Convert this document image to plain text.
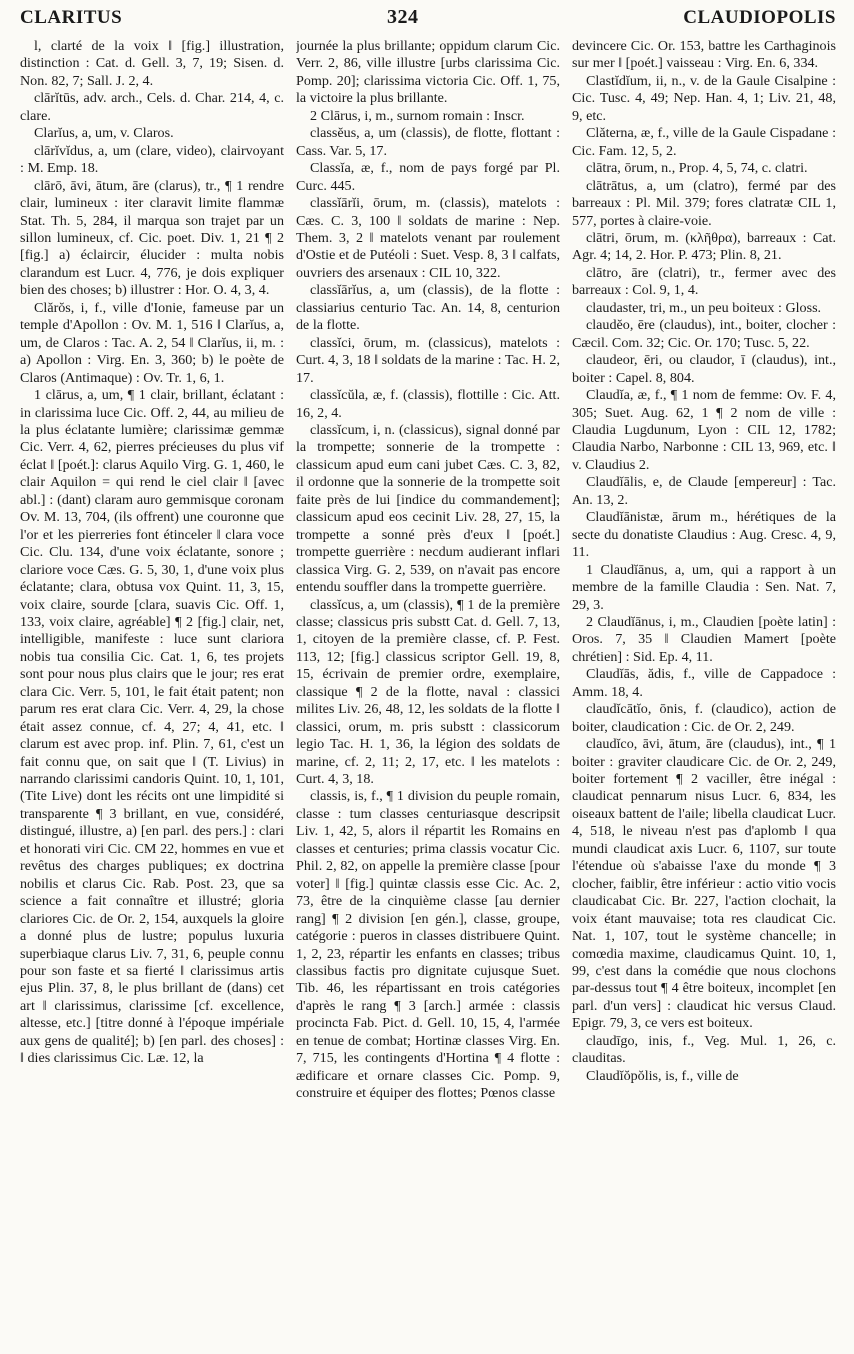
CLARITUS	324	CLAUDIOPOLIS

l, clarté de la voix ‖ [fig.] illustration, distinction : Cat. d. Gell. 3, 7, 19; Sisen. d. Non. 82, 7; Sall. J. 2, 4.

clārĭtūs, adv. arch., Cels. d. Char. 214, 4, c. clare.

Clarĭus, a, um, v. Claros.

clārĭvĭdus, a, um (clare, video), clairvoyant : M. Emp. 18.

clārō, āvi, ātum, āre (clarus), tr., ¶ 1 rendre clair, lumineux : iter claravit limite flammæ Stat. Th. 5, 284, il marqua son trajet par un sillon lumineux, cf. Cic. poet. Div. 1, 21 ¶ 2 [fig.] a) éclaircir, élucider : multa nobis clarandum est Lucr. 4, 776, je dois expliquer bien des choses; b) illustrer : Hor. O. 4, 3, 4.

Clărŏs, i, f., ville d'Ionie, fameuse par un temple d'Apollon : Ov. M. 1, 516 ‖ Clarĭus, a, um, de Claros : Tac. A. 2, 54 ‖ Clarĭus, ii, m. : a) Apollon : Virg. En. 3, 360; b) le poète de Claros (Antimaque) : Ov. Tr. 1, 6, 1.

1 clārus, a, um, ¶ 1 clair, brillant, éclatant : in clarissima luce Cic. Off. 2, 44, au milieu de la plus éclatante lumière; clarissimæ gemmæ Cic. Verr. 4, 62, pierres précieuses du plus vif éclat ‖ [poét.]: clarus Aquilo Virg. G. 1, 460, le clair Aquilon = qui rend le ciel clair ‖ [avec abl.] : (dant) claram auro gemmisque coronam Ov. M. 13, 704, (ils offrent) une couronne que l'or et les pierreries font étinceler ‖ clara voce Cic. Clu. 134, d'une voix éclatante, sonore ; clariore voce Cæs. G. 5, 30, 1, d'une voix plus éclatante; clara, obtusa vox Quint. 11, 3, 15, voix claire, sourde [clara, suavis Cic. Off. 1, 133, voix claire, agréable] ¶ 2 [fig.] clair, net, intelligible, manifeste : luce sunt clariora nobis tua consilia Cic. Cat. 1, 6, tes projets sont pour nous plus clairs que le jour; res erat clara Cic. Verr. 5, 101, le fait était patent; non parum res erat clara Cic. Verr. 4, 29, la chose était assez connue, cf. 4, 27; 4, 41, etc. ‖ clarum est avec prop. inf. Plin. 7, 61, c'est un fait connu que, on sait que ‖ (T. Livius) in narrando clarissimi candoris Quint. 10, 1, 101, (Tite Live) dont les récits ont une limpidité si transparente ¶ 3 brillant, en vue, considéré, distingué, illustre, a) [en parl. des pers.] : clari et honorati viri Cic. CM 22, hommes en vue et revêtus des charges publiques; ex doctrina nobilis et clarus Cic. Rab. Post. 23, que sa science a fait connaître et illustré; gloria clariores Cic. de Or. 2, 154, auxquels la gloire a donné plus de lustre; populus luxuria superbiaque clarus Liv. 7, 31, 6, peuple connu pour son faste et sa fierté ‖ clarissimus artis ejus Plin. 37, 8, le plus brillant de (dans) cet art ‖ clarissimus, clarissime [cf. excellence, altesse, etc.] [titre donné à l'époque impériale aux gens de qualité]; b) [en parl. des choses] : ‖ dies clarissimus Cic. Læ. 12, la

journée la plus brillante; oppidum clarum Cic. Verr. 2, 86, ville illustre [urbs clarissima Cic. Pomp. 20]; clarissima victoria Cic. Off. 1, 75, la victoire la plus brillante.

2 Clārus, i, m., surnom romain : Inscr.

classĕus, a, um (classis), de flotte, flottant : Cass. Var. 5, 17.

Classĭa, æ, f., nom de pays forgé par Pl. Curc. 445.

classĭārĭi, ōrum, m. (classis), matelots : Cæs. C. 3, 100 ‖ soldats de marine : Nep. Them. 3, 2 ‖ matelots venant par roulement d'Ostie et de Putéoli : Suet. Vesp. 8, 3 ‖ calfats, ouvriers des arsenaux : CIL 10, 322.

classĭārĭus, a, um (classis), de la flotte : classiarius centurio Tac. An. 14, 8, centurion de la flotte.

classĭci, ōrum, m. (classicus), matelots : Curt. 4, 3, 18 ‖ soldats de la marine : Tac. H. 2, 17.

classĭcŭla, æ, f. (classis), flottille : Cic. Att. 16, 2, 4.

classĭcum, i, n. (classicus), signal donné par la trompette; sonnerie de la trompette : classicum apud eum cani jubet Cæs. C. 3, 82, il ordonne que la sonnerie de la trompette soit faite près de lui [indice du commandement]; classicum apud eos cecinit Liv. 28, 27, 15, la trompette a sonné près d'eux ‖ [poét.] trompette guerrière : necdum audierant inflari classica Virg. G. 2, 539, on n'avait pas encore entendu souffler dans la trompette guerrière.

classĭcus, a, um (classis), ¶ 1 de la première classe; classicus pris substt Cat. d. Gell. 7, 13, 1, citoyen de la première classe, cf. P. Fest. 113, 12; [fig.] classicus scriptor Gell. 19, 8, 15, écrivain de premier ordre, exemplaire, classique ¶ 2 de la flotte, naval : classici milites Liv. 26, 48, 12, les soldats de la flotte ‖ classici, orum, m. pris substt : classicorum legio Tac. H. 1, 36, la légion des soldats de marine, cf. 2, 11; 2, 17, etc. ‖ les matelots : Curt. 4, 3, 18.

classis, is, f., ¶ 1 division du peuple romain, classe : tum classes centuriasque descripsit Liv. 1, 42, 5, alors il répartit les Romains en classes et centuries; prima classis vocatur Cic. Phil. 2, 82, on appelle la première classe [pour voter] ‖ [fig.] quintæ classis esse Cic. Ac. 2, 73, être de la cinquième classe [au dernier rang] ¶ 2 division [en gén.], classe, groupe, catégorie : pueros in classes distribuere Quint. 1, 2, 23, répartir les enfants en classes; tribus classibus factis pro dignitate cujusque Suet. Tib. 46, les répartissant en trois catégories d'après le rang ¶ 3 [arch.] armée : classis procincta Fab. Pict. d. Gell. 10, 15, 4, l'armée en tenue de combat; Hortinæ classes Virg. En. 7, 715, les contingents d'Hortina ¶ 4 flotte : ædificare et ornare classes Cic. Pomp. 9, construire et équiper des flottes; Pœnos classe

devincere Cic. Or. 153, battre les Carthaginois sur mer ‖ [poét.] vaisseau : Virg. En. 6, 334.

Clastĭdĭum, ii, n., v. de la Gaule Cisalpine : Cic. Tusc. 4, 49; Nep. Han. 4, 1; Liv. 21, 48, 9, etc.

Clăterna, æ, f., ville de la Gaule Cispadane : Cic. Fam. 12, 5, 2.

clātra, ōrum, n., Prop. 4, 5, 74, c. clatri.

clātrātus, a, um (clatro), fermé par des barreaux : Pl. Mil. 379; fores clatratæ CIL 1, 577, portes à claire-voie.

clātri, ōrum, m. (κλῆθρα), barreaux : Cat. Agr. 4; 14, 2. Hor. P. 473; Plin. 8, 21.

clātro, āre (clatri), tr., fermer avec des barreaux : Col. 9, 1, 4.

claudaster, tri, m., un peu boiteux : Gloss.

claudĕo, ēre (claudus), int., boiter, clocher : Cæcil. Com. 32; Cic. Or. 170; Tusc. 5, 22.

claudeor, ēri, ou claudor, ī (claudus), int., boiter : Capel. 8, 804.

Claudĭa, æ, f., ¶ 1 nom de femme: Ov. F. 4, 305; Suet. Aug. 62, 1 ¶ 2 nom de ville : Claudia Lugdunum, Lyon : CIL 12, 1782; Claudia Narbo, Narbonne : CIL 13, 969, etc. ‖ v. Claudius 2.

Claudĭālis, e, de Claude [empereur] : Tac. An. 13, 2.

Claudĭānistæ, ārum m., hérétiques de la secte du donatiste Claudius : Aug. Cresc. 4, 9, 11.

1 Claudĭānus, a, um, qui a rapport à un membre de la famille Claudia : Sen. Nat. 7, 29, 3.

2 Claudĭānus, i, m., Claudien [poète latin] : Oros. 7, 35 ‖ Claudien Mamert [poète chrétien] : Sid. Ep. 4, 11.

Claudĭās, ădis, f., ville de Cappadoce : Amm. 18, 4.

claudĭcātĭo, ōnis, f. (claudico), action de boiter, claudication : Cic. de Or. 2, 249.

claudĭco, āvi, ātum, āre (claudus), int., ¶ 1 boiter : graviter claudicare Cic. de Or. 2, 249, boiter fortement ¶ 2 vaciller, être inégal : claudicat pennarum nisus Lucr. 6, 834, les oiseaux battent de l'aile; libella claudicat Lucr. 4, 518, le niveau n'est pas d'aplomb ‖ qua mundi claudicat axis Lucr. 6, 1107, sur toute l'étendue où s'abaisse l'axe du monde ¶ 3 clocher, faiblir, être inférieur : actio vitio vocis claudicabat Cic. Br. 227, l'action clochait, la voix étant mauvaise; tota res claudicat Cic. Nat. 1, 107, tout le système chancelle; in comœdia maxime, claudicamus Quint. 10, 1, 99, c'est dans la comédie que nous clochons par-dessus tout ¶ 4 être boiteux, incomplet [en parl. d'un vers] : claudicat hic versus Claud. Epigr. 79, 3, ce vers est boiteux.

claudīgo, inis, f., Veg. Mul. 1, 26, c. clauditas.

Claudĭŏpŏlis, is, f., ville de
